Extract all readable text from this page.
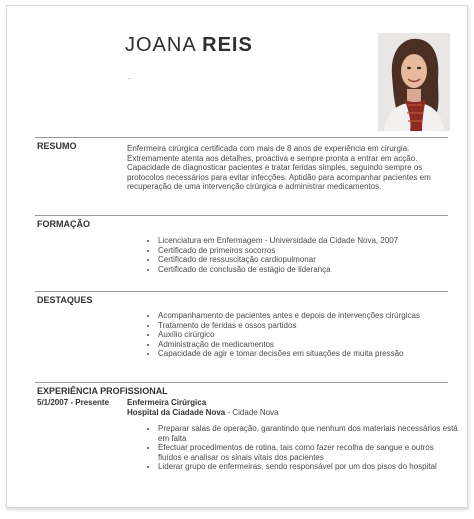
JOANA REIS
.
RESUMO	Enfermeira cirúrgica certificada com mais de 8 anos de experiência em cirurgia. Extremamente atenta aos detalhes, proactiva e sempre pronta a entrar em acção. Capacidade de diagnosticar pacientes e tratar feridas simples, seguindo sempre os protocolos necessários para evitar infecções. Aptidão para acompanhar pacientes em recuperação de uma intervenção cirúrgica e administrar medicamentos.

FORMAÇÃO
• Licenciatura em Enfermagem - Universidade da Cidade Nova, 2007
• Certificado de primeiros socorros
• Certificado de ressuscitação cardiopulmonar
• Certificado de conclusão de estágio de liderança
DESTAQUES
• Acompanhamento de pacientes antes e depois de intervenções cirúrgicas
• Tratamento de feridas e ossos partidos
• Auxílio cirúrgico
• Administração de medicamentos
• Capacidade de agir e tomar decisões em situações de muita pressão
EXPERIÊNCIA PROFISSIONAL
5/1/2007 - Presente Enfermeira Cirúrgica
Hospital da Ciadade Nova - Cidade Nova
• Preparar salas de operação, garantindo que nenhum dos materiais necessários está em falta
• Efectuar procedimentos de rotina, tais como fazer recolha de sangue e outros fluídos e analisar os sinais vitais dos pacientes
• Liderar grupo de enfermeiras, sendo responsável por um dos pisos do hospital
